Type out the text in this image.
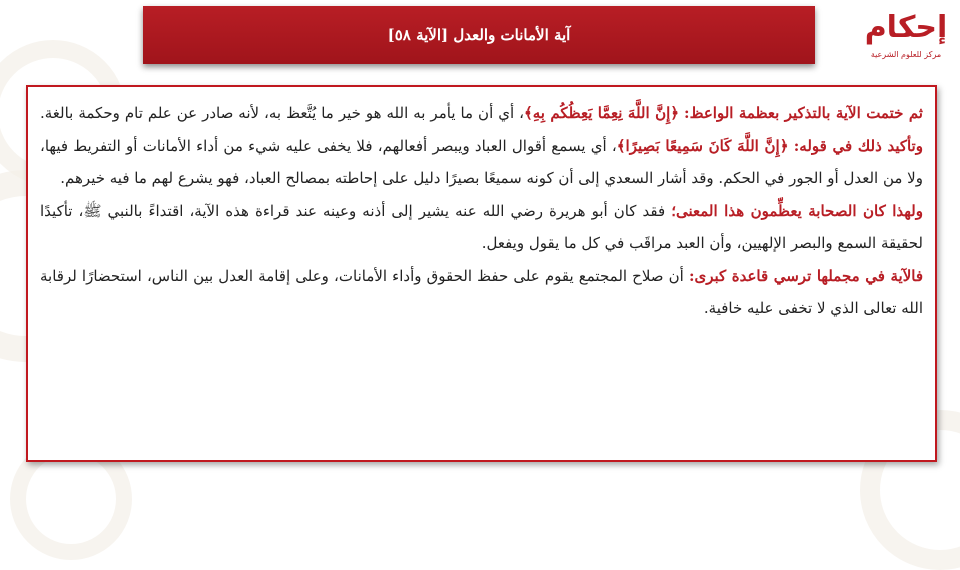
آية الأمانات والعدل [الآية ٥٨]	إحكام
مركز للعلوم الشرعية

ثم ختمت الآية بالتذكير بعظمة الواعظ: ﴿إِنَّ اللَّهَ نِعِمَّا يَعِظُكُم بِهِ﴾، أي أن ما يأمر به الله هو خير ما يُتَّعظ به، لأنه صادر عن علم تام وحكمة بالغة. وتأكيد ذلك في قوله: ﴿إِنَّ اللَّهَ كَانَ سَمِيعًا بَصِيرًا﴾، أي يسمع أقوال العباد ويبصر أفعالهم، فلا يخفى عليه شيء من أداء الأمانات أو التفريط فيها، ولا من العدل أو الجور في الحكم. وقد أشار السعدي إلى أن كونه سميعًا بصيرًا دليل على إحاطته بمصالح العباد، فهو يشرع لهم ما فيه خيرهم.

ولهذا كان الصحابة يعظِّمون هذا المعنى؛ فقد كان أبو هريرة رضي الله عنه يشير إلى أذنه وعينه عند قراءة هذه الآية، اقتداءً بالنبي ﷺ، تأكيدًا لحقيقة السمع والبصر الإلهيين، وأن العبد مراقَب في كل ما يقول ويفعل.

فالآية في مجملها ترسي قاعدة كبرى: أن صلاح المجتمع يقوم على حفظ الحقوق وأداء الأمانات، وعلى إقامة العدل بين الناس، استحضارًا لرقابة الله تعالى الذي لا تخفى عليه خافية.
